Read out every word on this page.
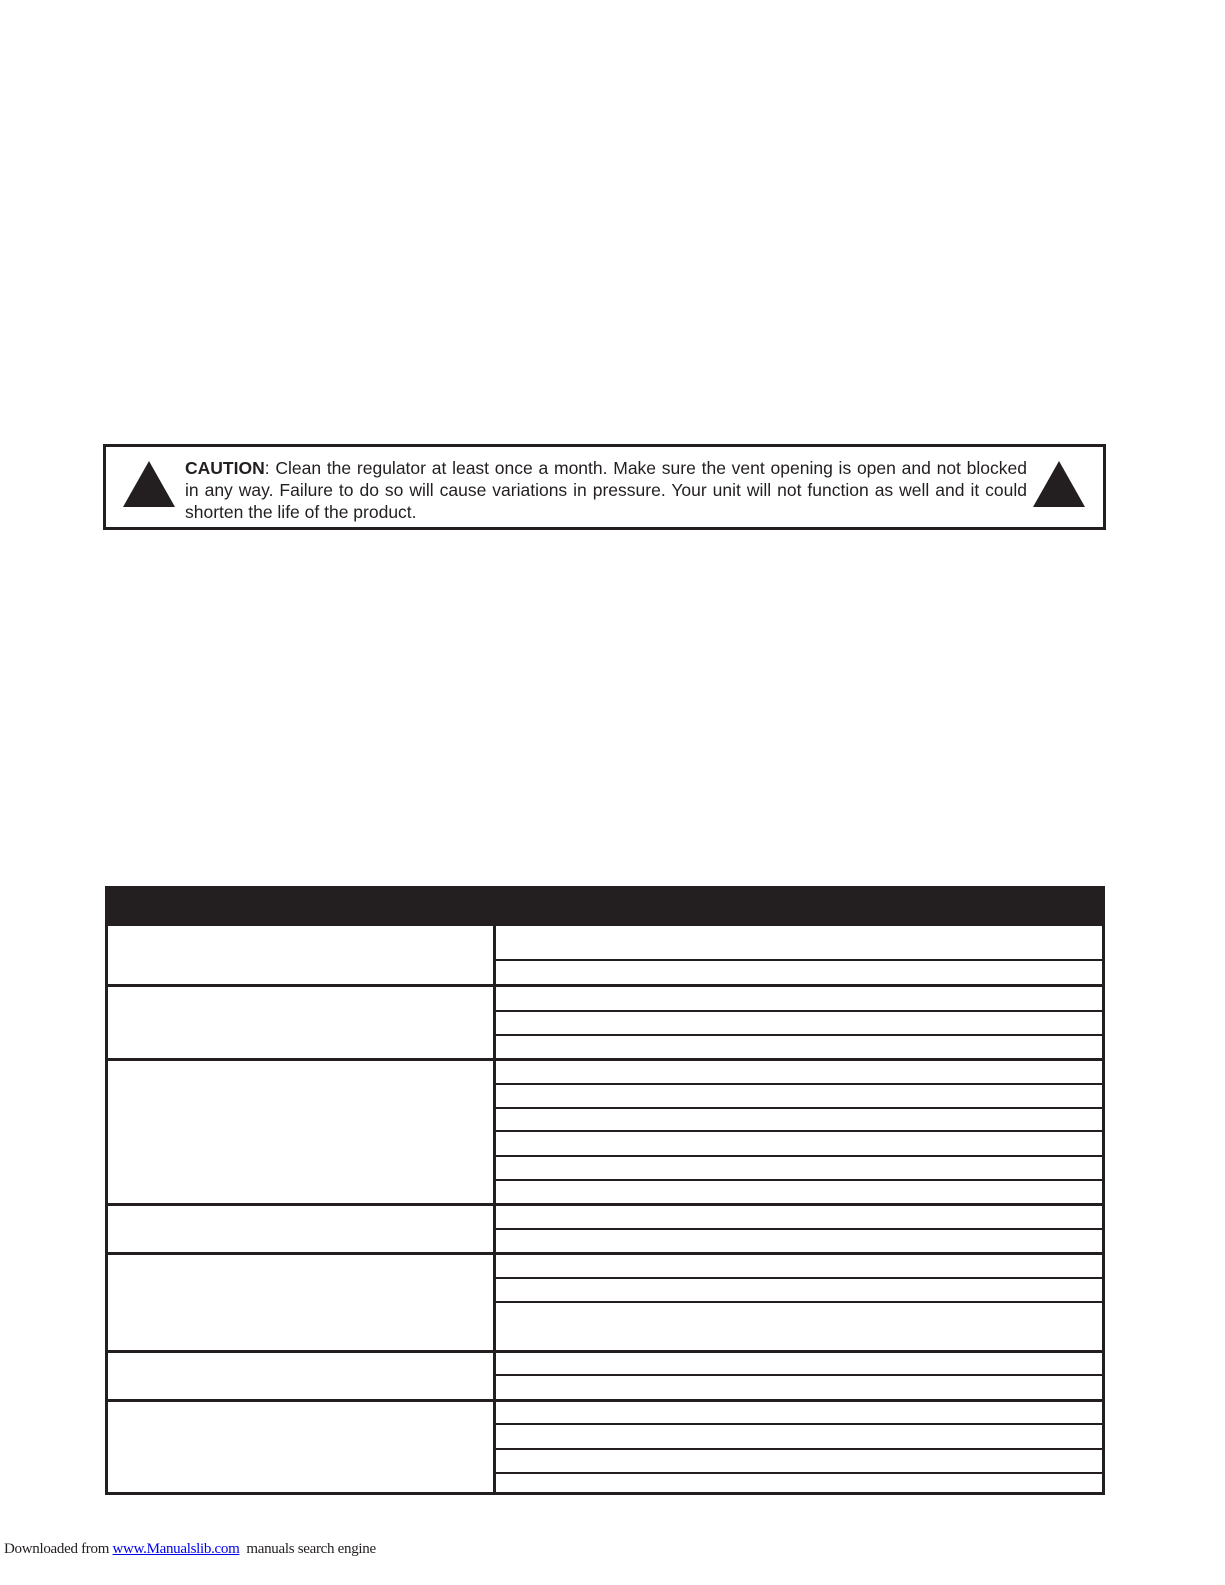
CAUTION: Clean the regulator at least once a month. Make sure the vent opening is open and not blocked in any way. Failure to do so will cause variations in pressure. Your unit will not function as well and it could shorten the life of the product.
Downloaded from www.Manualslib.com  manuals search engine
